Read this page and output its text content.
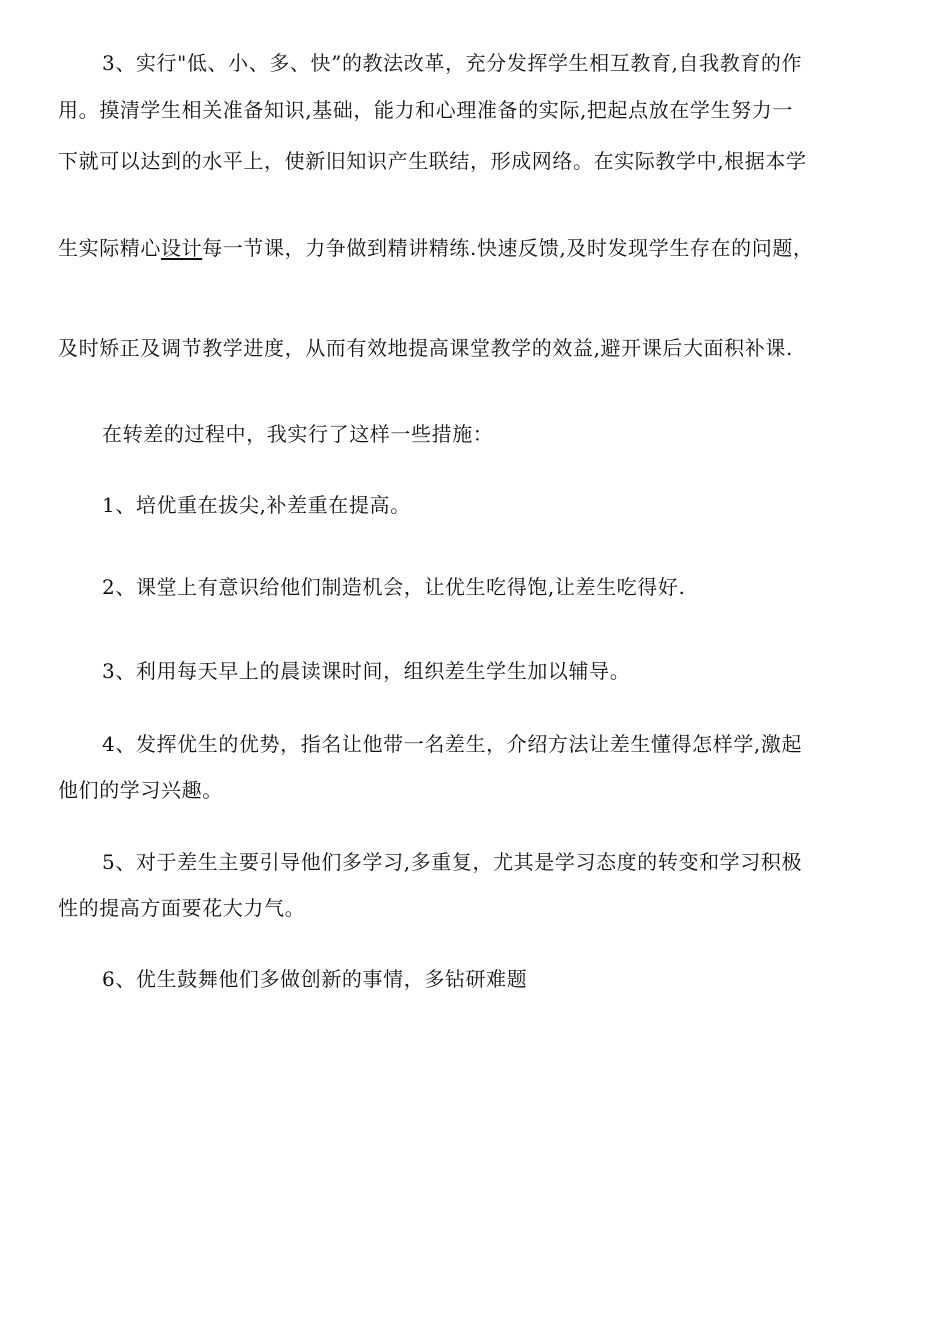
3、实行"低、小、多、快”的教法改革，充分发挥学生相互教育,自我教育的作
用。摸清学生相关准备知识,基础，能力和心理准备的实际,把起点放在学生努力一
下就可以达到的水平上，使新旧知识产生联结，形成网络。在实际教学中,根据本学
生实际精心设计每一节课，力争做到精讲精练.快速反馈,及时发现学生存在的问题，
及时矫正及调节教学进度，从而有效地提高课堂教学的效益,避开课后大面积补课.
在转差的过程中，我实行了这样一些措施：
1、培优重在拔尖,补差重在提高。
2、课堂上有意识给他们制造机会，让优生吃得饱,让差生吃得好.
3、利用每天早上的晨读课时间，组织差生学生加以辅导。
4、发挥优生的优势，指名让他带一名差生，介绍方法让差生懂得怎样学,激起
他们的学习兴趣。
5、对于差生主要引导他们多学习,多重复，尤其是学习态度的转变和学习积极
性的提高方面要花大力气。
6、优生鼓舞他们多做创新的事情，多钻研难题
